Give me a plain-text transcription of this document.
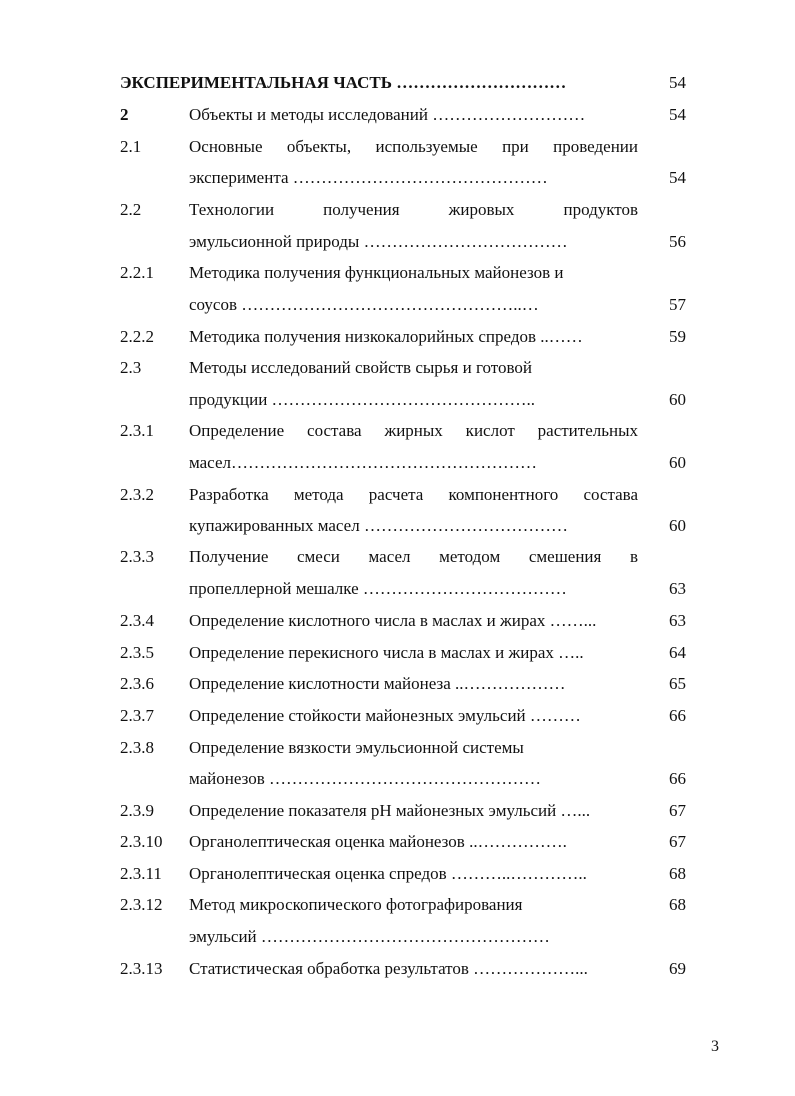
ЭКСПЕРИМЕНТАЛЬНАЯ ЧАСТЬ …………………………	54
2	Объекты и методы исследований ………………………	54
2.1	Основные объекты, используемые при проведении
эксперимента ………………………………………	54
2.2	Технологии получения жировых продуктов
эмульсионной природы ………………………………	56
2.2.1 Методика получения функциональных майонезов и
соусов …………………………………………..…	57
2.2.2 Методика получения низкокалорийных спредов ..……	59
2.3	Методы исследований свойств сырья и готовой
продукции ………………………………………..	60
2.3.1 Определение состава жирных кислот растительных
масел………………………………………………	60
2.3.2 Разработка метода расчета компонентного состава
купажированных масел ………………………………	60
2.3.3 Получение смеси масел методом смешения в
пропеллерной мешалке ………………………………	63
2.3.4 Определение кислотного числа в маслах и жирах ……...	63
2.3.5 Определение перекисного числа в маслах и жирах …..	64
2.3.6 Определение кислотности майонеза ..………………	65
2.3.7 Определение стойкости майонезных эмульсий ………	66
2.3.8 Определение вязкости эмульсионной системы
майонезов …………………………………………	66
2.3.9 Определение показателя pH майонезных эмульсий …...	67
2.3.10 Органолептическая оценка майонезов ..…………….	67
2.3.11 Органолептическая оценка спредов ………..…………..	68
2.3.12 Метод микроскопического фотографирования	68
эмульсий ……………………………………………
2.3.13 Статистическая обработка результатов ………………...	69
3
